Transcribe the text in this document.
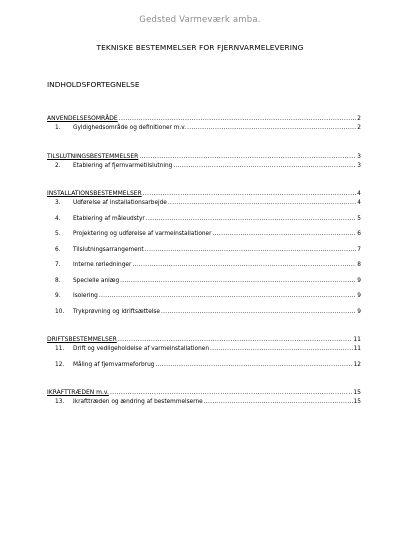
Gedsted Varmeværk amba.
TEKNISKE BESTEMMELSER FOR FJERNVARMELEVERING
INDHOLDSFORTEGNELSE
ANVENDELSESOMRÅDE .....	2
1.	Gyldighedsområde og definitioner m.v. .....	2
TILSLUTNINGSBESTEMMELSER .....	3
2.	Etablering af fjernvarmetilslutning .....	3
INSTALLATIONSBESTEMMELSER .....	4
3.	Udførelse af installationsarbejde .....	4
4.	Etablering af måleudstyr .....	5
5.	Projektering og udførelse af varmeinstallationer .....	6
6.	Tilslutningsarrangement .....	7
7.	Interne rørledninger .....	8
8.	Specielle anlæg .....	9
9.	Isolering .....	9
10.	Trykprøvning og idriftsættelse .....	9
DRIFTSBESTEMMELSER .....	11
11.	Drift og vedligeholdelse af varmeinstallationen .....	11
12.	Måling af fjernvarmeforbrug .....	12
IKRAFTTRÆDEN m.v. .....	15
13.	Ikrafttræden og ændring af bestemmelserne .....	15
